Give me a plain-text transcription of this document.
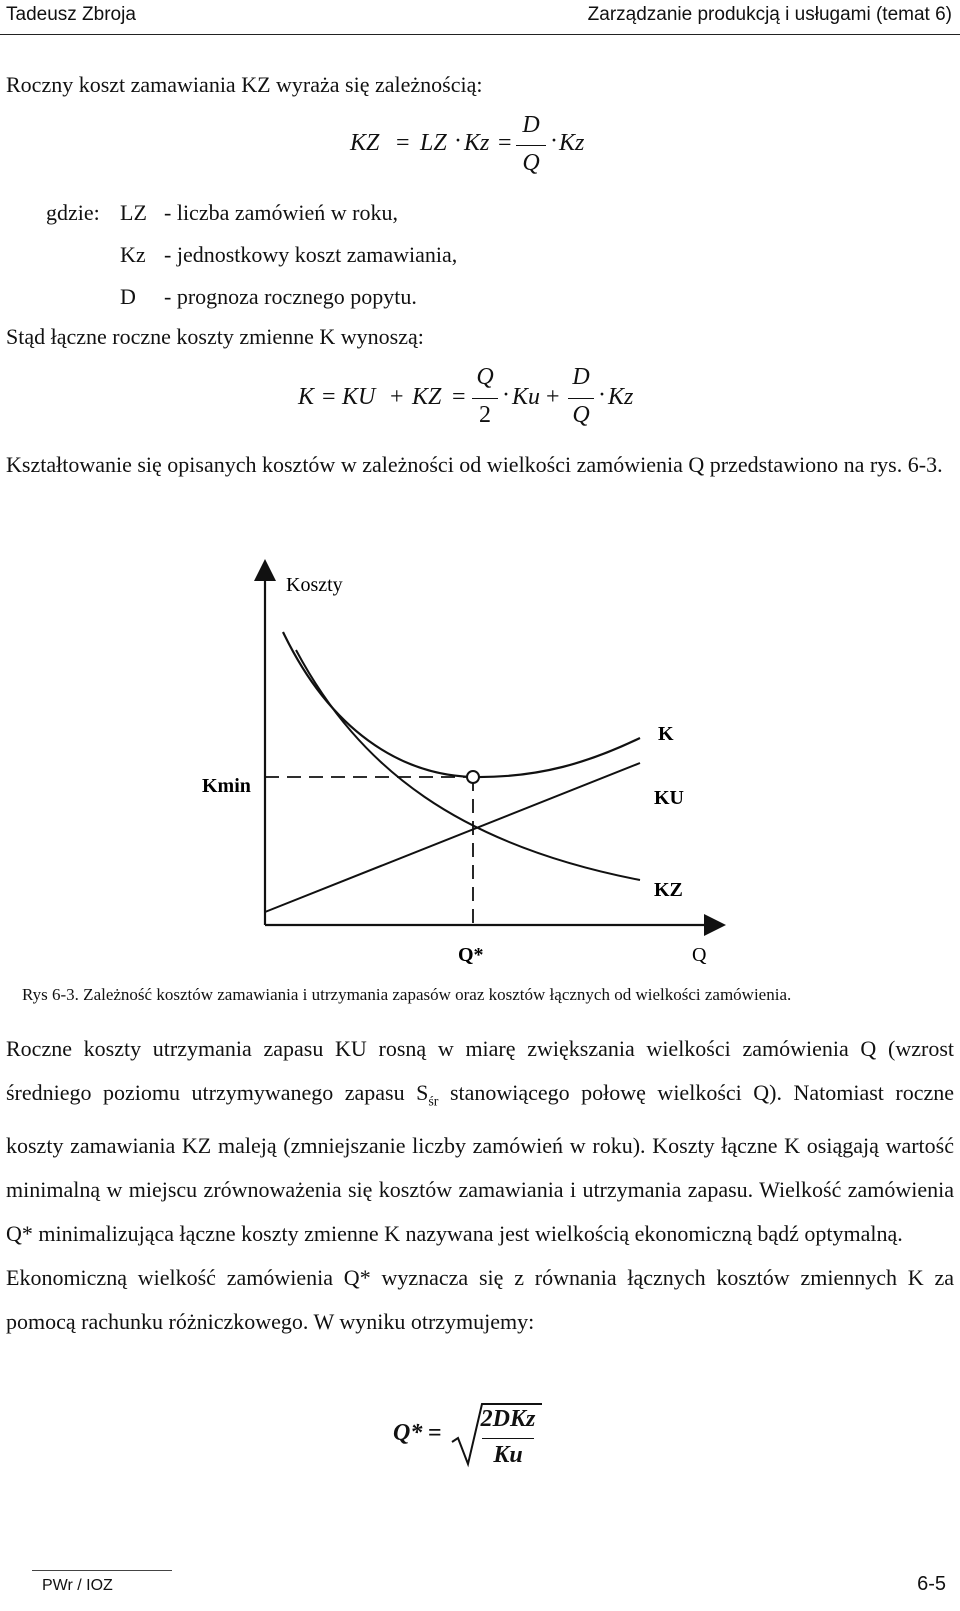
Tadeusz Zbroja	Zarządzanie produkcją i usługami (temat 6)
Roczny koszt zamawiania KZ wyraża się zależnością:
KZ = LZ · Kz =
D
Q
· Kz
gdzie: LZ - liczba zamówień w roku,
Kz - jednostkowy koszt zamawiania,
D - prognoza rocznego popytu.
Stąd łączne roczne koszty zmienne K wynoszą:
K = KU + KZ =
Q
2
· Ku +
D
Q
· Kz

Kształtowanie się opisanych kosztów w zależności od wielkości zamówienia Q przedstawiono na rys. 6-3.

Koszty
Kmin
K
KU
KZ
Q*	Q
Rys 6-3. Zależność kosztów zamawiania i utrzymania zapasów oraz kosztów łącznych od wielkości zamówienia.

Roczne koszty utrzymania zapasu KU rosną w miarę zwiększania wielkości zamówienia Q (wzrost średniego poziomu utrzymywanego zapasu $S_{śr}$ stanowiącego połowę wielkości Q). Natomiast roczne koszty zamawiania KZ maleją (zmniejszanie liczby zamówień w roku). Koszty łączne K osiągają wartość minimalną w miejscu zrównoważenia się kosztów zamawiania i utrzymania zapasu. Wielkość zamówienia Q* minimalizująca łączne koszty zmienne K nazywana jest wielkością ekonomiczną bądź optymalną.

Ekonomiczną wielkość zamówienia Q* wyznacza się z równania łącznych kosztów zmiennych K za pomocą rachunku różniczkowego. W wyniku otrzymujemy:

Q* =
2DKz
Ku
PWr / IOZ	6-5
